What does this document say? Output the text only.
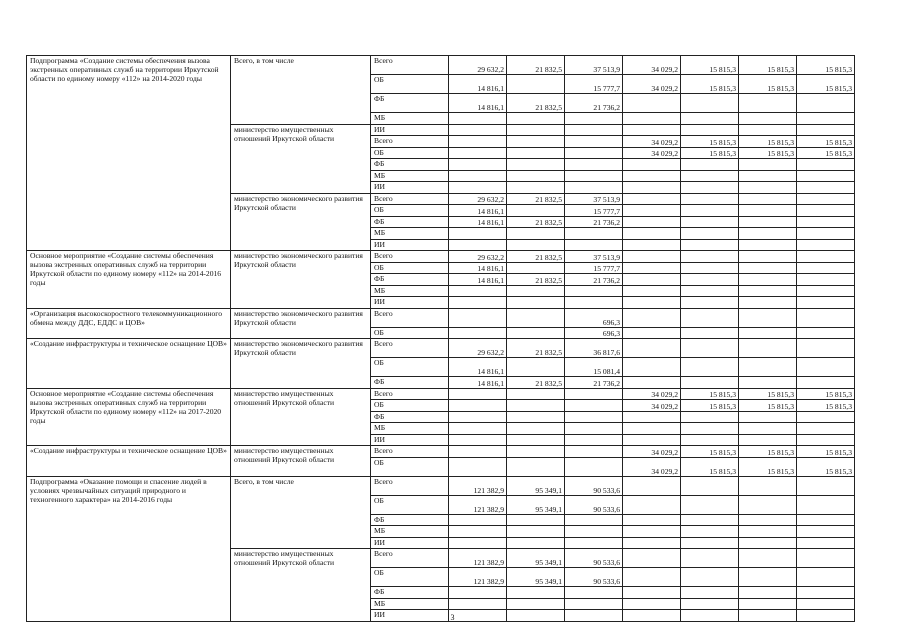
Подпрограмма «Создание системы обеспечения вызова экстренных оперативных служб на территории Иркутской области по единому номеру «112» на 2014-2020 годы	Всего, в том числе	Всего	29 632,2	21 832,5	37 513,9	34 029,2	15 815,3	15 815,3	15 815,3
		ОБ	14 816,1		15 777,7	34 029,2	15 815,3	15 815,3	15 815,3
		ФБ	14 816,1	21 832,5	21 736,2				
		МБ							
	министерство имущественных отношений Иркутской области	ИИ							
		Всего				34 029,2	15 815,3	15 815,3	15 815,3
		ОБ				34 029,2	15 815,3	15 815,3	15 815,3
		ФБ							
		МБ							
		ИИ							
	министерство экономического развития Иркутской области	Всего	29 632,2	21 832,5	37 513,9				
		ОБ	14 816,1		15 777,7				
		ФБ	14 816,1	21 832,5	21 736,2				
		МБ							
		ИИ							
Основное мероприятие «Создание системы обеспечения вызова экстренных оперативных служб на территории Иркутской области по единому номеру «112» на 2014-2016 годы	министерство экономического развития Иркутской области	Всего	29 632,2	21 832,5	37 513,9				
		ОБ	14 816,1		15 777,7				
		ФБ	14 816,1	21 832,5	21 736,2				
		МБ							
		ИИ							
«Организация высокоскоростного телекоммуникационного обмена между ДДС, ЕДДС и ЦОВ»	министерство экономического развития Иркутской области	Всего			696,3				
		ОБ			696,3				
«Создание инфраструктуры и техническое оснащение ЦОВ»	министерство экономического развития Иркутской области	Всего	29 632,2	21 832,5	36 817,6				
		ОБ	14 816,1		15 081,4				
		ФБ	14 816,1	21 832,5	21 736,2				
Основное мероприятие «Создание системы обеспечения вызова экстренных оперативных служб на территории Иркутской области по единому номеру «112» на 2017-2020 годы	министерство имущественных отношений Иркутской области	Всего				34 029,2	15 815,3	15 815,3	15 815,3
		ОБ				34 029,2	15 815,3	15 815,3	15 815,3
		ФБ							
		МБ							
		ИИ							
«Создание инфраструктуры и техническое оснащение ЦОВ»	министерство имущественных отношений Иркутской области	Всего				34 029,2	15 815,3	15 815,3	15 815,3
		ОБ				34 029,2	15 815,3	15 815,3	15 815,3
Подпрограмма «Оказание помощи и спасение людей в условиях чрезвычайных ситуаций природного и техногенного характера» на 2014-2016 годы	Всего, в том числе	Всего	121 382,9	95 349,1	90 533,6				
		ОБ	121 382,9	95 349,1	90 533,6				
		ФБ							
		МБ							
		ИИ							
	министерство имущественных отношений Иркутской области	Всего	121 382,9	95 349,1	90 533,6				
		ОБ	121 382,9	95 349,1	90 533,6				
		ФБ							
		МБ							
		ИИ								3
